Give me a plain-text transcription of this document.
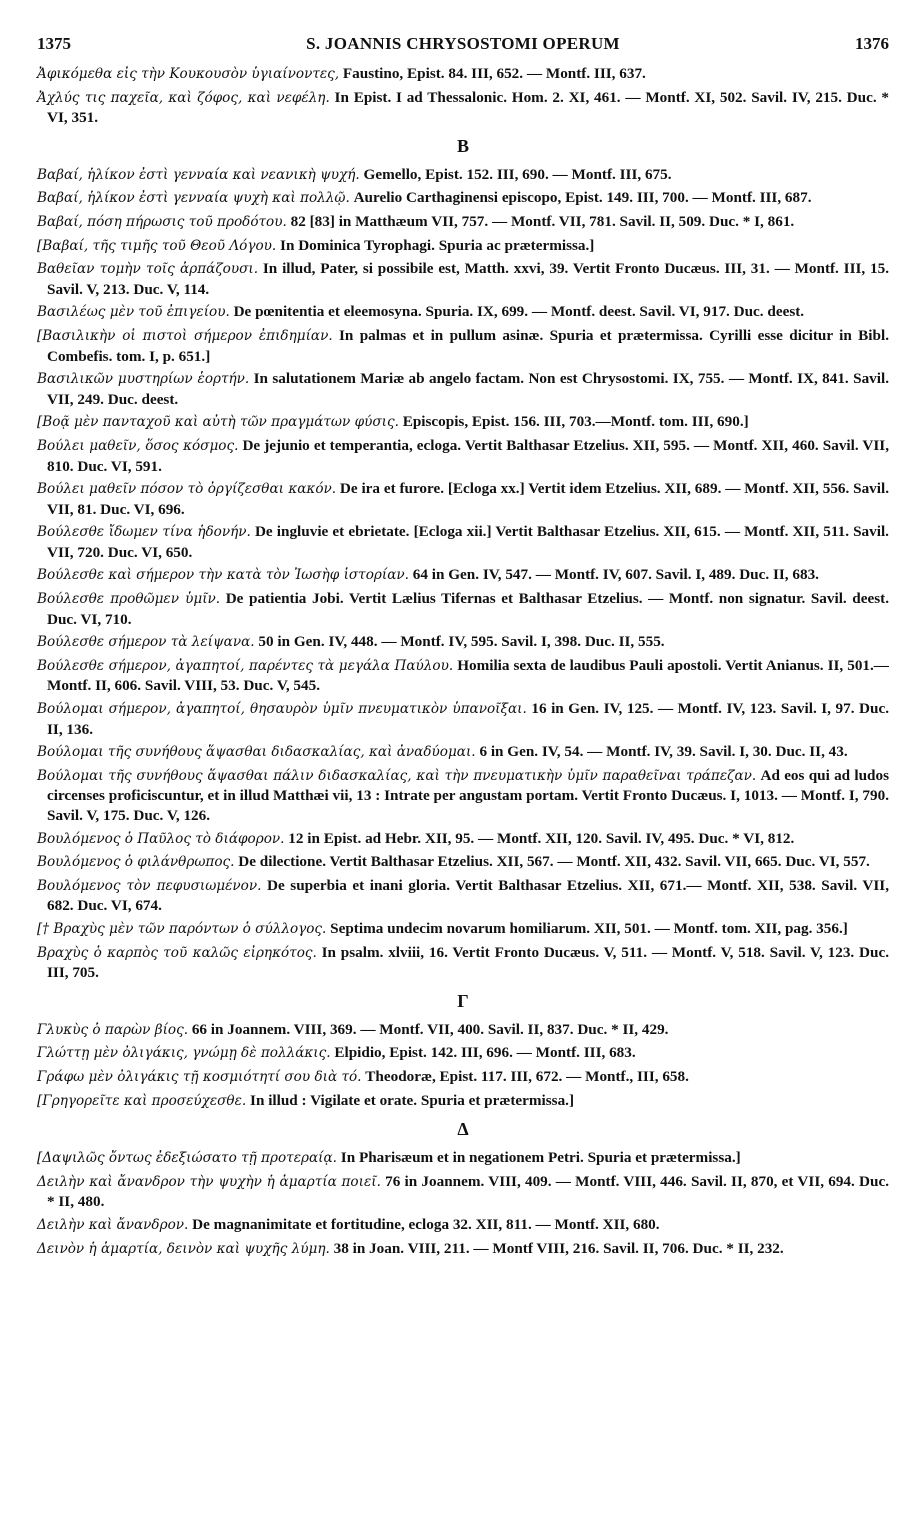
1375	S. JOANNIS CHRYSOSTOMI OPERUM	1376

Ἀφικόμεθα εἰς τὴν Κουκουσὸν ὑγιαίνοντες, Faustino, Epist. 84. III, 652. — Montf. III, 637.

Ἀχλύς τις παχεῖα, καὶ ζόφος, καὶ νεφέλη. In Epist. I ad Thessalonic. Hom. 2. XI, 461. — Montf. XI, 502. Savil. IV, 215. Duc. * VI, 351.

B

Βαβαί, ἡλίκον ἐστὶ γενναία καὶ νεανικὴ ψυχή. Gemello, Epist. 152. III, 690. — Montf. III, 675.

Βαβαί, ἡλίκον ἐστὶ γενναία ψυχὴ καὶ πολλῷ. Aurelio Carthaginensi episcopo, Epist. 149. III, 700. — Montf. III, 687.

Βαβαί, πόση πήρωσις τοῦ προδότου. 82 [83] in Matthæum VII, 757. — Montf. VII, 781. Savil. II, 509. Duc. * I, 861.

[Βαβαί, τῆς τιμῆς τοῦ Θεοῦ Λόγου. In Dominica Tyrophagi. Spuria ac prætermissa.]

Βαθεῖαν τομὴν τοῖς ἁρπάζουσι. In illud, Pater, si possibile est, Matth. xxvi, 39. Vertit Fronto Ducæus. III, 31. — Montf. III, 15. Savil. V, 213. Duc. V, 114.

Βασιλέως μὲν τοῦ ἐπιγείου. De pœnitentia et eleemosyna. Spuria. IX, 699. — Montf. deest. Savil. VI, 917. Duc. deest.

[Βασιλικὴν οἱ πιστοὶ σήμερον ἐπιδημίαν. In palmas et in pullum asinæ. Spuria et prætermissa. Cyrilli esse dicitur in Bibl. Combefis. tom. I, p. 651.]

Βασιλικῶν μυστηρίων ἑορτήν. In salutationem Mariæ ab angelo factam. Non est Chrysostomi. IX, 755. — Montf. IX, 841. Savil. VII, 249. Duc. deest.

[Βοᾷ μὲν πανταχοῦ καὶ αὐτὴ τῶν πραγμάτων φύσις. Episcopis, Epist. 156. III, 703.—Montf. tom. III, 690.]

Βούλει μαθεῖν, ὅσος κόσμος. De jejunio et temperantia, ecloga. Vertit Balthasar Etzelius. XII, 595. — Montf. XII, 460. Savil. VII, 810. Duc. VI, 591.

Βούλει μαθεῖν πόσον τὸ ὀργίζεσθαι κακόν. De ira et furore. [Ecloga xx.] Vertit idem Etzelius. XII, 689. — Montf. XII, 556. Savil. VII, 81. Duc. VI, 696.

Βούλεσθε ἴδωμεν τίνα ἡδονήν. De ingluvie et ebrietate. [Ecloga xii.] Vertit Balthasar Etzelius. XII, 615. — Montf. XII, 511. Savil. VII, 720. Duc. VI, 650.

Βούλεσθε καὶ σήμερον τὴν κατὰ τὸν Ἰωσὴφ ἱστορίαν. 64 in Gen. IV, 547. — Montf. IV, 607. Savil. I, 489. Duc. II, 683.

Βούλεσθε προθῶμεν ὑμῖν. De patientia Jobi. Vertit Lælius Tifernas et Balthasar Etzelius. — Montf. non signatur. Savil. deest. Duc. VI, 710.

Βούλεσθε σήμερον τὰ λείψανα. 50 in Gen. IV, 448. — Montf. IV, 595. Savil. I, 398. Duc. II, 555.

Βούλεσθε σήμερον, ἀγαπητοί, παρέντες τὰ μεγάλα Παύλου. Homilia sexta de laudibus Pauli apostoli. Vertit Anianus. II, 501.— Montf. II, 606. Savil. VIII, 53. Duc. V, 545.

Βούλομαι σήμερον, ἀγαπητοί, θησαυρὸν ὑμῖν πνευματικὸν ὑπανοῖξαι. 16 in Gen. IV, 125. — Montf. IV, 123. Savil. I, 97. Duc. II, 136.

Βούλομαι τῆς συνήθους ἅψασθαι διδασκαλίας, καὶ ἀναδύομαι. 6 in Gen. IV, 54. — Montf. IV, 39. Savil. I, 30. Duc. II, 43.

Βούλομαι τῆς συνήθους ἅψασθαι πάλιν διδασκαλίας, καὶ τὴν πνευματικὴν ὑμῖν παραθεῖναι τράπεζαν. Ad eos qui ad ludos circenses proficiscuntur, et in illud Matthæi vii, 13 : Intrate per angustam portam. Vertit Fronto Ducæus. I, 1013. — Montf. I, 790. Savil. V, 175. Duc. V, 126.

Βουλόμενος ὁ Παῦλος τὸ διάφορον. 12 in Epist. ad Hebr. XII, 95. — Montf. XII, 120. Savil. IV, 495. Duc. * VI, 812.

Βουλόμενος ὁ φιλάνθρωπος. De dilectione. Vertit Balthasar Etzelius. XII, 567. — Montf. XII, 432. Savil. VII, 665. Duc. VI, 557.

Βουλόμενος τὸν πεφυσιωμένον. De superbia et inani gloria. Vertit Balthasar Etzelius. XII, 671.— Montf. XII, 538. Savil. VII, 682. Duc. VI, 674.

[† Βραχὺς μὲν τῶν παρόντων ὁ σύλλογος. Septima undecim novarum homiliarum. XII, 501. — Montf. tom. XII, pag. 356.]

Βραχὺς ὁ καρπὸς τοῦ καλῶς εἰρηκότος. In psalm. xlviii, 16. Vertit Fronto Ducæus. V, 511. — Montf. V, 518. Savil. V, 123. Duc. III, 705.

Γ

Γλυκὺς ὁ παρὼν βίος. 66 in Joannem. VIII, 369. — Montf. VII, 400. Savil. II, 837. Duc. * II, 429.

Γλώττῃ μὲν ὀλιγάκις, γνώμῃ δὲ πολλάκις. Elpidio, Epist. 142. III, 696. — Montf. III, 683.

Γράφω μὲν ὀλιγάκις τῇ κοσμιότητί σου διὰ τό. Theodoræ, Epist. 117. III, 672. — Montf., III, 658.

[Γρηγορεῖτε καὶ προσεύχεσθε. In illud : Vigilate et orate. Spuria et prætermissa.]

Δ

[Δαψιλῶς ὄντως ἐδεξιώσατο τῇ προτεραίᾳ. In Pharisæum et in negationem Petri. Spuria et prætermissa.]

Δειλὴν καὶ ἄνανδρον τὴν ψυχὴν ἡ ἁμαρτία ποιεῖ. 76 in Joannem. VIII, 409. — Montf. VIII, 446. Savil. II, 870, et VII, 694. Duc. * II, 480.

Δειλὴν καὶ ἄνανδρον. De magnanimitate et fortitudine, ecloga 32. XII, 811. — Montf. XII, 680.

Δεινὸν ἡ ἁμαρτία, δεινὸν καὶ ψυχῆς λύμη. 38 in Joan. VIII, 211. — Montf VIII, 216. Savil. II, 706. Duc. * II, 232.
